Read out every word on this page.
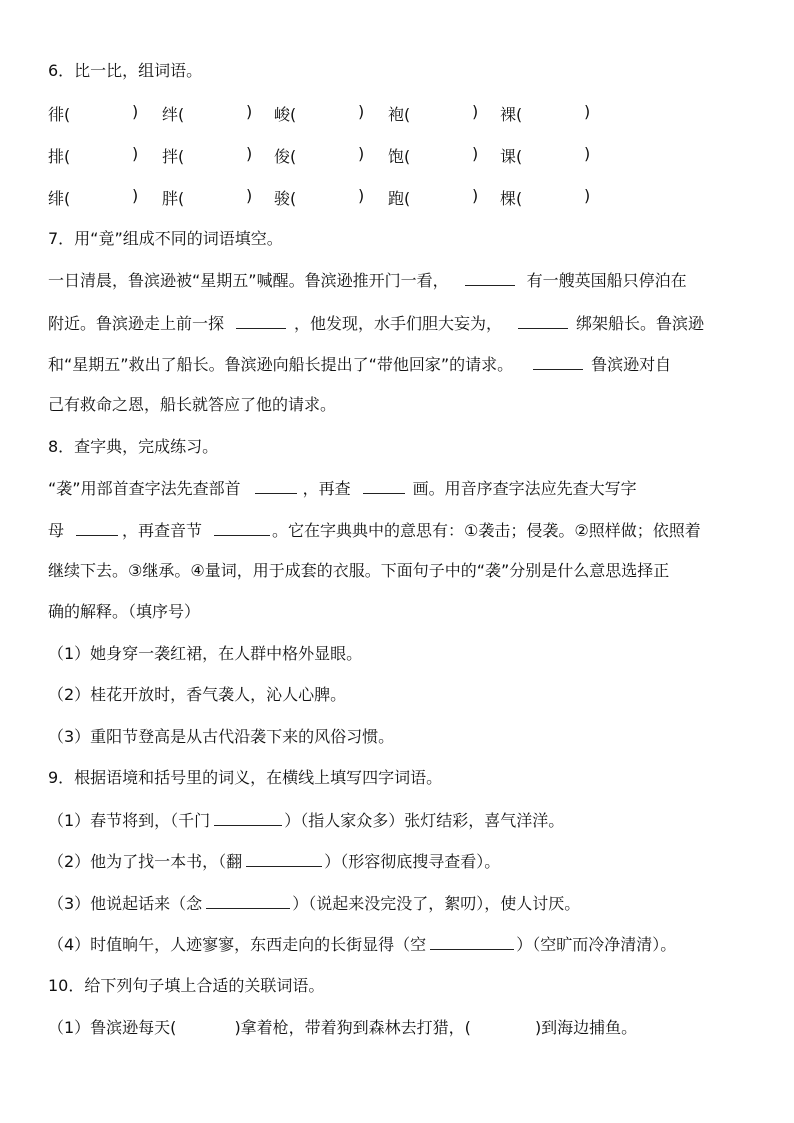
6．比一比，组词语。
徘(	) 绊(	) 峻(	) 袍(	) 裸(	)
排(	) 拌(	) 俊(	) 饱(	) 课(	)
绯(	) 胖(	) 骏(	) 跑(	) 棵(	)
7．用“竟”组成不同的词语填空。
一日清晨，鲁滨逊被“星期五”喊醒。鲁滨逊推开门一看，	有一艘英国船只停泊在
附近。鲁滨逊走上前一探	，他发现，水手们胆大妄为，	绑架船长。鲁滨逊
和“星期五”救出了船长。鲁滨逊向船长提出了“带他回家”的请求。	鲁滨逊对自
己有救命之恩，船长就答应了他的请求。
8．查字典，完成练习。
“袭”用部首查字法先查部首	，再查	画。用音序查字法应先查大写字
母	，再查音节	。它在字典典中的意思有：①袭击；侵袭。②照样做；依照着
继续下去。③继承。④量词，用于成套的衣服。下面句子中的“袭”分别是什么意思选择正
确的解释。（填序号）
（1）她身穿一袭红裙，在人群中格外显眼。
（2）桂花开放时，香气袭人，沁人心脾。
（3）重阳节登高是从古代沿袭下来的风俗习惯。
9．根据语境和括号里的词义，在横线上填写四字词语。
（1）春节将到，（千门	）（指人家众多）张灯结彩，喜气洋洋。
（2）他为了找一本书，（翻	）（形容彻底搜寻查看）。
（3）他说起话来（念	）（说起来没完没了，絮叨），使人讨厌。
（4）时值晌午，人迹寥寥，东西走向的长街显得（空	）（空旷而冷净清清）。
10．给下列句子填上合适的关联词语。
（1）鲁滨逊每天(	)拿着枪，带着狗到森林去打猎，(	)到海边捕鱼。
